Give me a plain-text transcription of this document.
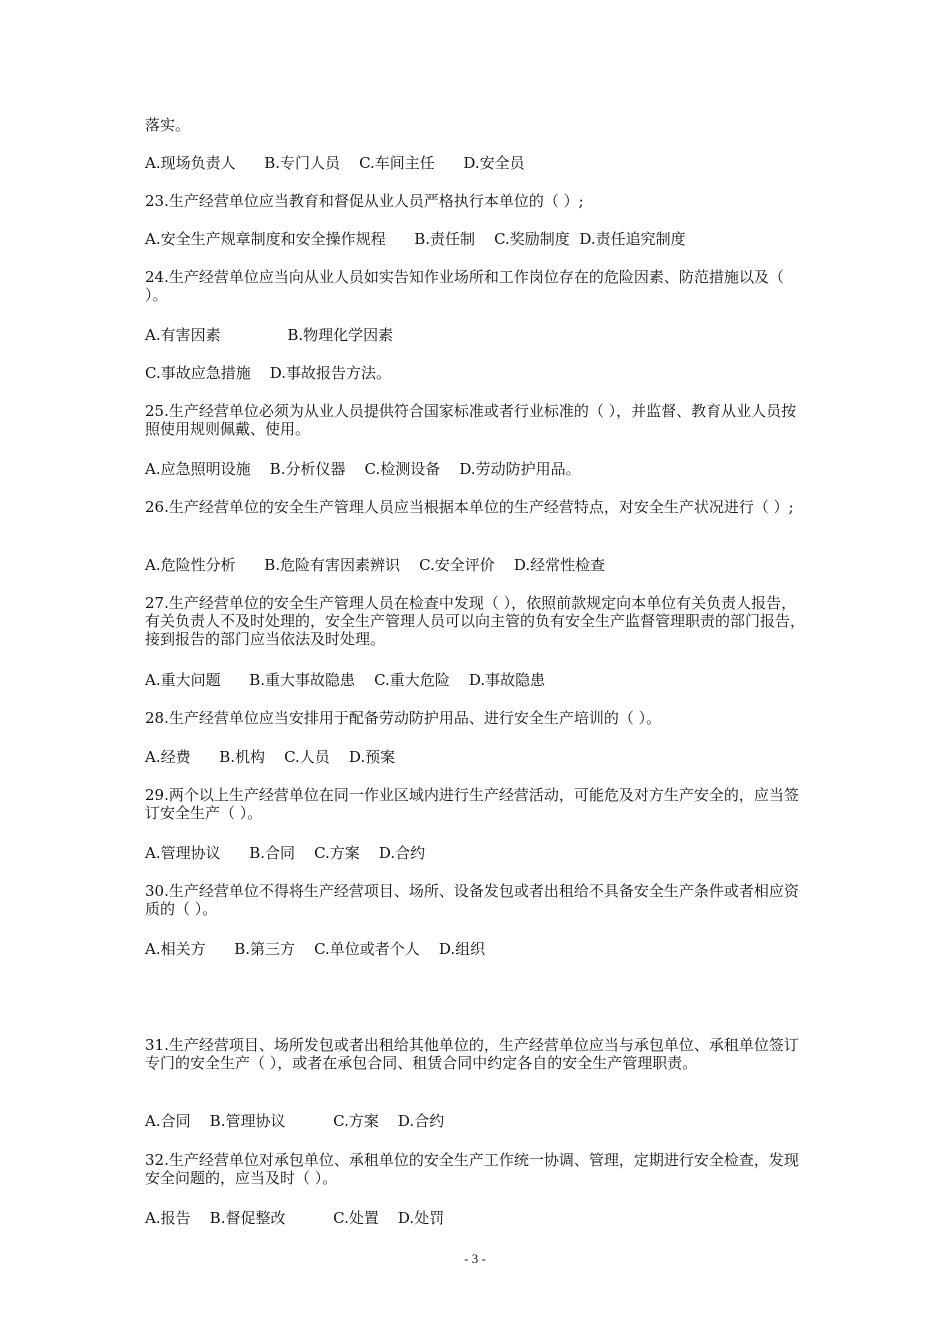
落实。

A.现场负责人      B.专门人员    C.车间主任      D.安全员

23.生产经营单位应当教育和督促从业人员严格执行本单位的（ ）;

A.安全生产规章制度和安全操作规程      B.责任制    C.奖励制度  D.责任追究制度

24.生产经营单位应当向从业人员如实告知作业场所和工作岗位存在的危险因素、防范措施以及（ ）。

A.有害因素              B.物理化学因素

C.事故应急措施    D.事故报告方法。

25.生产经营单位必须为从业人员提供符合国家标准或者行业标准的（ ），并监督、教育从业人员按照使用规则佩戴、使用。

A.应急照明设施    B.分析仪器    C.检测设备    D.劳动防护用品。

26.生产经营单位的安全生产管理人员应当根据本单位的生产经营特点，对安全生产状况进行（ ）;

A.危险性分析      B.危险有害因素辨识    C.安全评价    D.经常性检查

27.生产经营单位的安全生产管理人员在检查中发现（ ），依照前款规定向本单位有关负责人报告，有关负责人不及时处理的，安全生产管理人员可以向主管的负有安全生产监督管理职责的部门报告，接到报告的部门应当依法及时处理。

A.重大问题      B.重大事故隐患    C.重大危险    D.事故隐患

28.生产经营单位应当安排用于配备劳动防护用品、进行安全生产培训的（ ）。

A.经费      B.机构    C.人员    D.预案

29.两个以上生产经营单位在同一作业区域内进行生产经营活动，可能危及对方生产安全的，应当签订安全生产（ ）。

A.管理协议      B.合同    C.方案    D.合约

30.生产经营单位不得将生产经营项目、场所、设备发包或者出租给不具备安全生产条件或者相应资质的（ ）。

A.相关方      B.第三方    C.单位或者个人    D.组织

31.生产经营项目、场所发包或者出租给其他单位的，生产经营单位应当与承包单位、承租单位签订专门的安全生产（ ），或者在承包合同、租赁合同中约定各自的安全生产管理职责。

A.合同    B.管理协议          C.方案    D.合约

32.生产经营单位对承包单位、承租单位的安全生产工作统一协调、管理，定期进行安全检查，发现安全问题的，应当及时（ ）。

A.报告    B.督促整改          C.处置    D.处罚

- 3 -
